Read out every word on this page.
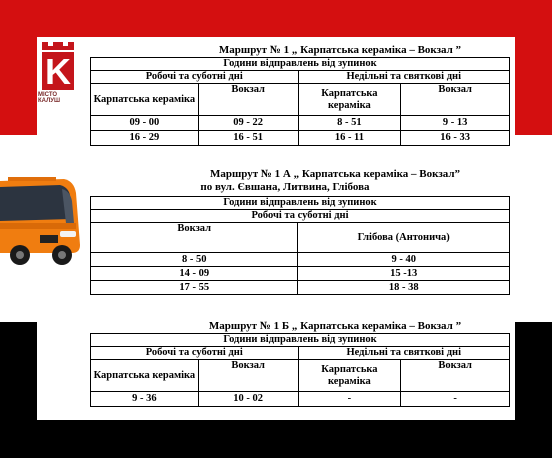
K
МІСТО КАЛУШ
Маршрут № 1 „ Карпатська кераміка – Вокзал ”
Години відправлень від зупинок			
Робочі та суботні дні		Недільні та святкові дні	
Карпатська кераміка	Вокзал	Карпатська кераміка	Вокзал
09 - 00	09 - 22	8 - 51	9 - 13
16 - 29	16 - 51	16 - 11	16 - 33
Маршрут № 1 А „ Карпатська кераміка – Вокзал”
по вул. Євшана, Литвина, Глібова
Години відправлень від зупинок	
Робочі та суботні дні	
Вокзал	Глібова (Антонича)
8 - 50	9 - 40
14 - 09	15 -13
17 - 55	18 - 38
Маршрут № 1 Б „ Карпатська кераміка – Вокзал ”
Години відправлень від зупинок			
Робочі та суботні дні		Недільні та святкові дні	
Карпатська кераміка	Вокзал	Карпатська кераміка	Вокзал
9 - 36	10 - 02	-	-
